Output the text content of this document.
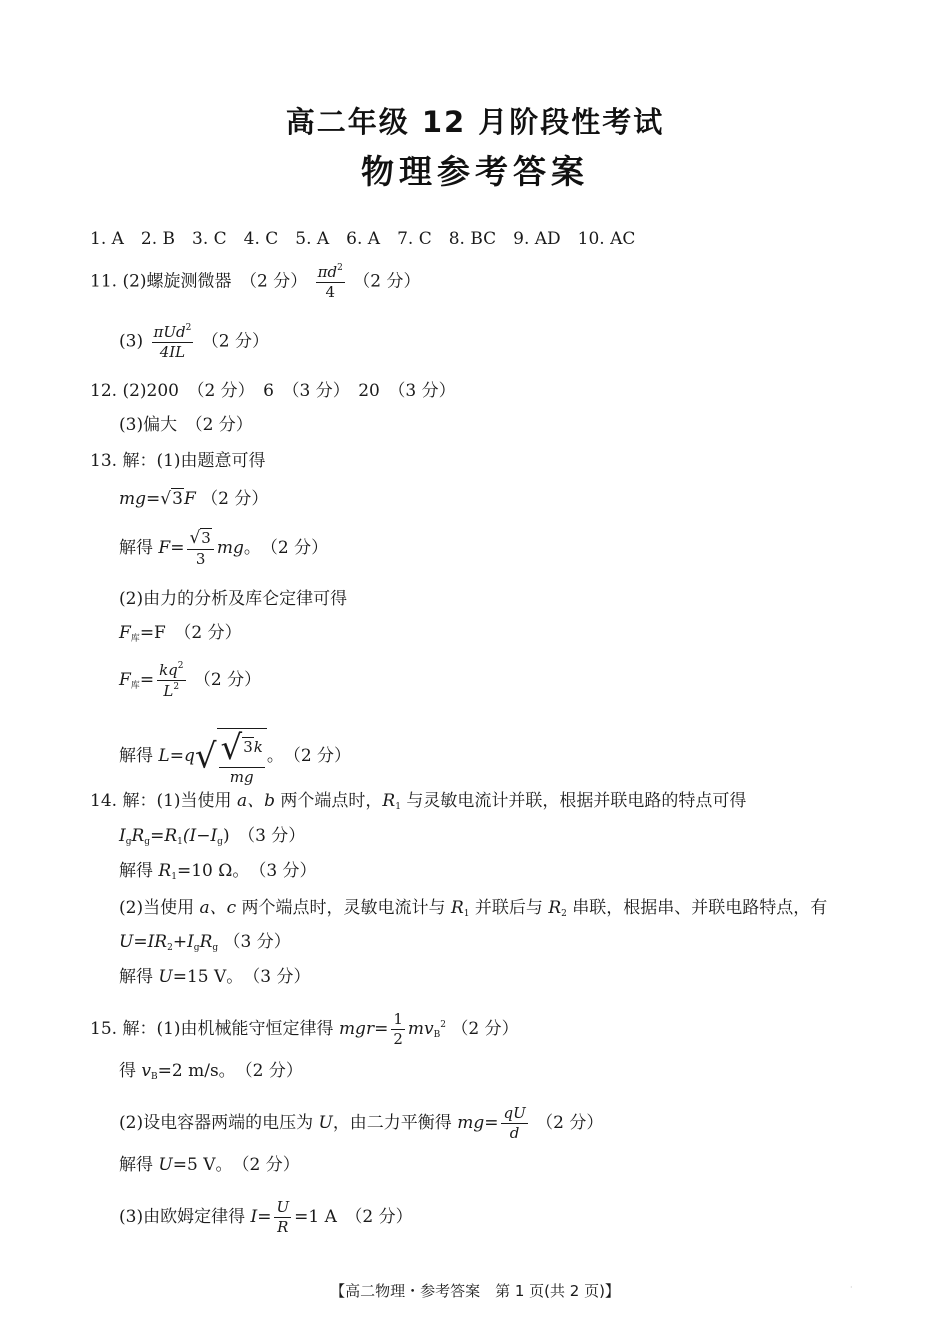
高二年级 12 月阶段性考试
物理参考答案
1. A　2. B　3. C　4. C　5. A　6. A　7. C　8. BC　9. AD　10. AC
11. (2)螺旋测微器　（2 分） $\frac{\pi d^2}{4} (2$ 分）
$(3) \frac{\pi Ud^2}{4IL} (2$ 分）
12. (2)200　（2 分）　6　（3 分）　20　（3 分）
(3)偏大　（2 分）
13. 解：(1)由题意可得
mg=√3F （2 分）
解得 $F= \frac{√3}{3}$ mg。　（2 分）
(2)由力的分析及库仑定律可得
$F_库=F$　（2 分）
$F_库= \frac{kq^2}{L^2} (2$ 分）
解得 $L=q√ \frac{√3k}{mg}$ 。　（2 分）
14. 解：(1)当使用 a、b 两个端点时，$R_1$ 与灵敏电流计并联，根据并联电路的特点可得
$I_gR_g=R_1(I-I_g)$　（3 分）
解得 $R_1=10$ Ω。　（3 分）
(2)当使用 a、c 两个端点时，灵敏电流计与 $R_1$ 并联后与 $R_2$ 串联，根据串、并联电路特点，有
$U=IR_2+I_gR_g$ （3 分）
解得 U=15 V。　（3 分）
15. 解：(1)由机械能守恒定律得 $mgr= \frac{1}{2} mv_B^2$ （2 分）
得 $v_B=2$ m/s。　（2 分）
(2)设电容器两端的电压为 U，由二力平衡得 $mg= \frac{qU}{d} (2$ 分）
解得 U=5 V。　（2 分）
(3)由欧姆定律得 $I= \frac{U}{R} =1$ A　（2 分）
【高二物理・参考答案　第 1 页(共 2 页)】	·
